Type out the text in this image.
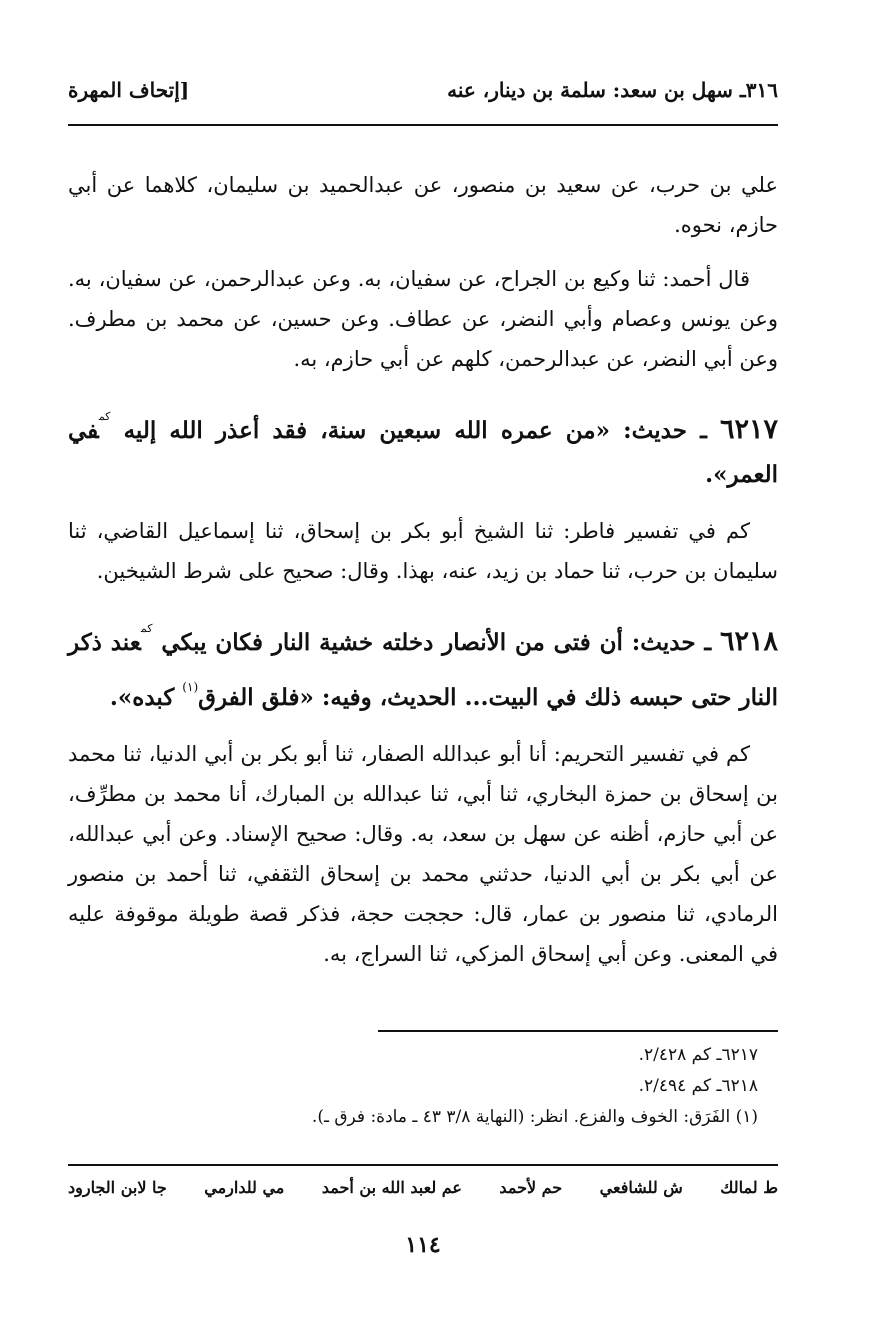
٣١٦ـ سهل بن سعد: سلمة بن دينار، عنه
[إتحاف المهرة

علي بن حرب، عن سعيد بن منصور، عن عبدالحميد بن سليمان، كلاهما عن أبي حازم، نحوه.

قال أحمد: ثنا وكيع بن الجراح، عن سفيان، به. وعن عبدالرحمن، عن سفيان، به. وعن يونس وعصام وأبي النضر، عن عطاف. وعن حسين، عن محمد بن مطرف. وعن أبي النضر، عن عبدالرحمن، كلهم عن أبي حازم، به.

٦٢١٧ ـ حديث: «من عمره الله سبعين سنة، فقد أعذر الله إليه $^{كم}$في العمر».

كم في تفسير فاطر: ثنا الشيخ أبو بكر بن إسحاق، ثنا إسماعيل القاضي، ثنا سليمان بن حرب، ثنا حماد بن زيد، عنه، بهذا. وقال: صحيح على شرط الشيخين.

٦٢١٨ ـ حديث: أن فتى من الأنصار دخلته خشية النار فكان يبكي $^{كم}$عند ذكر النار حتى حبسه ذلك في البيت... الحديث، وفيه: «فلق الفرق$^{(١)}$ كبده».

كم في تفسير التحريم: أنا أبو عبدالله الصفار، ثنا أبو بكر بن أبي الدنيا، ثنا محمد بن إسحاق بن حمزة البخاري، ثنا أبي، ثنا عبدالله بن المبارك، أنا محمد بن مطرِّف، عن أبي حازم، أظنه عن سهل بن سعد، به. وقال: صحيح الإسناد. وعن أبي عبدالله، عن أبي بكر بن أبي الدنيا، حدثني محمد بن إسحاق الثقفي، ثنا أحمد بن منصور الرمادي، ثنا منصور بن عمار، قال: حججت حجة، فذكر قصة طويلة موقوفة عليه في المعنى. وعن أبي إسحاق المزكي، ثنا السراج، به.

٦٢١٧ـ كم ٢/٤٢٨.

٦٢١٨ـ كم ٢/٤٩٤.

(١) الفَرَق: الخوف والفزع. انظر: (النهاية ٣/٨ ٤٣ ـ مادة: فرق ـ).

ط لمالك
ش للشافعي
حم لأحمد
عم لعبد الله بن أحمد
مي للدارمي
جا لابن الجارود
١١٤
